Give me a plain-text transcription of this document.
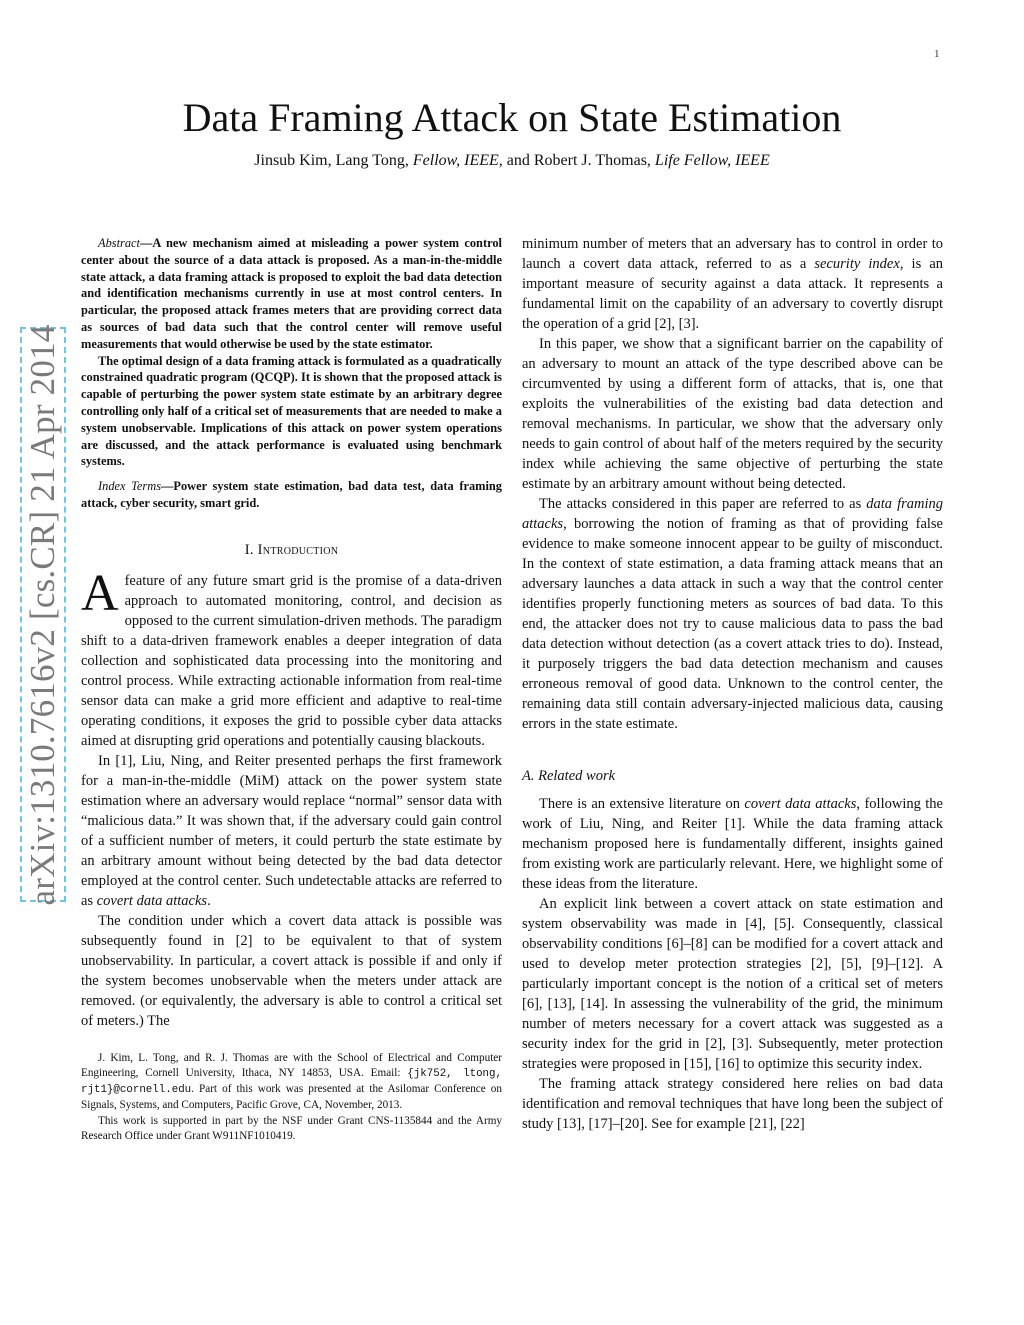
1
arXiv:1310.7616v2 [cs.CR] 21 Apr 2014
Data Framing Attack on State Estimation
Jinsub Kim, Lang Tong, Fellow, IEEE, and Robert J. Thomas, Life Fellow, IEEE

Abstract—A new mechanism aimed at misleading a power system control center about the source of a data attack is proposed. As a man-in-the-middle state attack, a data framing attack is proposed to exploit the bad data detection and identification mechanisms currently in use at most control centers. In particular, the proposed attack frames meters that are providing correct data as sources of bad data such that the control center will remove useful measurements that would otherwise be used by the state estimator.

The optimal design of a data framing attack is formulated as a quadratically constrained quadratic program (QCQP). It is shown that the proposed attack is capable of perturbing the power system state estimate by an arbitrary degree controlling only half of a critical set of measurements that are needed to make a system unobservable. Implications of this attack on power system operations are discussed, and the attack performance is evaluated using benchmark systems.

Index Terms—Power system state estimation, bad data test, data framing attack, cyber security, smart grid.

I. Introduction

Afeature of any future smart grid is the promise of a data-driven approach to automated monitoring, control, and decision as opposed to the current simulation-driven methods. The paradigm shift to a data-driven framework enables a deeper integration of data collection and sophisticated data processing into the monitoring and control process. While extracting actionable information from real-time sensor data can make a grid more efficient and adaptive to real-time operating conditions, it exposes the grid to possible cyber data attacks aimed at disrupting grid operations and potentially causing blackouts.

In [1], Liu, Ning, and Reiter presented perhaps the first framework for a man-in-the-middle (MiM) attack on the power system state estimation where an adversary would replace “normal” sensor data with “malicious data.” It was shown that, if the adversary could gain control of a sufficient number of meters, it could perturb the state estimate by an arbitrary amount without being detected by the bad data detector employed at the control center. Such undetectable attacks are referred to as covert data attacks.

The condition under which a covert data attack is possible was subsequently found in [2] to be equivalent to that of system unobservability. In particular, a covert attack is possible if and only if the system becomes unobservable when the meters under attack are removed. (or equivalently, the adversary is able to control a critical set of meters.) The

J. Kim, L. Tong, and R. J. Thomas are with the School of Electrical and Computer Engineering, Cornell University, Ithaca, NY 14853, USA. Email: {jk752, ltong, rjt1}@cornell.edu. Part of this work was presented at the Asilomar Conference on Signals, Systems, and Computers, Pacific Grove, CA, November, 2013.

This work is supported in part by the NSF under Grant CNS-1135844 and the Army Research Office under Grant W911NF1010419.

minimum number of meters that an adversary has to control in order to launch a covert data attack, referred to as a security index, is an important measure of security against a data attack. It represents a fundamental limit on the capability of an adversary to covertly disrupt the operation of a grid [2], [3].

In this paper, we show that a significant barrier on the capability of an adversary to mount an attack of the type described above can be circumvented by using a different form of attacks, that is, one that exploits the vulnerabilities of the existing bad data detection and removal mechanisms. In particular, we show that the adversary only needs to gain control of about half of the meters required by the security index while achieving the same objective of perturbing the state estimate by an arbitrary amount without being detected.

The attacks considered in this paper are referred to as data framing attacks, borrowing the notion of framing as that of providing false evidence to make someone innocent appear to be guilty of misconduct. In the context of state estimation, a data framing attack means that an adversary launches a data attack in such a way that the control center identifies properly functioning meters as sources of bad data. To this end, the attacker does not try to cause malicious data to pass the bad data detection without detection (as a covert attack tries to do). Instead, it purposely triggers the bad data detection mechanism and causes erroneous removal of good data. Unknown to the control center, the remaining data still contain adversary-injected malicious data, causing errors in the state estimate.

A. Related work

There is an extensive literature on covert data attacks, following the work of Liu, Ning, and Reiter [1]. While the data framing attack mechanism proposed here is fundamentally different, insights gained from existing work are particularly relevant. Here, we highlight some of these ideas from the literature.

An explicit link between a covert attack on state estimation and system observability was made in [4], [5]. Consequently, classical observability conditions [6]–[8] can be modified for a covert attack and used to develop meter protection strategies [2], [5], [9]–[12]. A particularly important concept is the notion of a critical set of meters [6], [13], [14]. In assessing the vulnerability of the grid, the minimum number of meters necessary for a covert attack was suggested as a security index for the grid in [2], [3]. Subsequently, meter protection strategies were proposed in [15], [16] to optimize this security index.

The framing attack strategy considered here relies on bad data identification and removal techniques that have long been the subject of study [13], [17]–[20]. See for example [21], [22]
